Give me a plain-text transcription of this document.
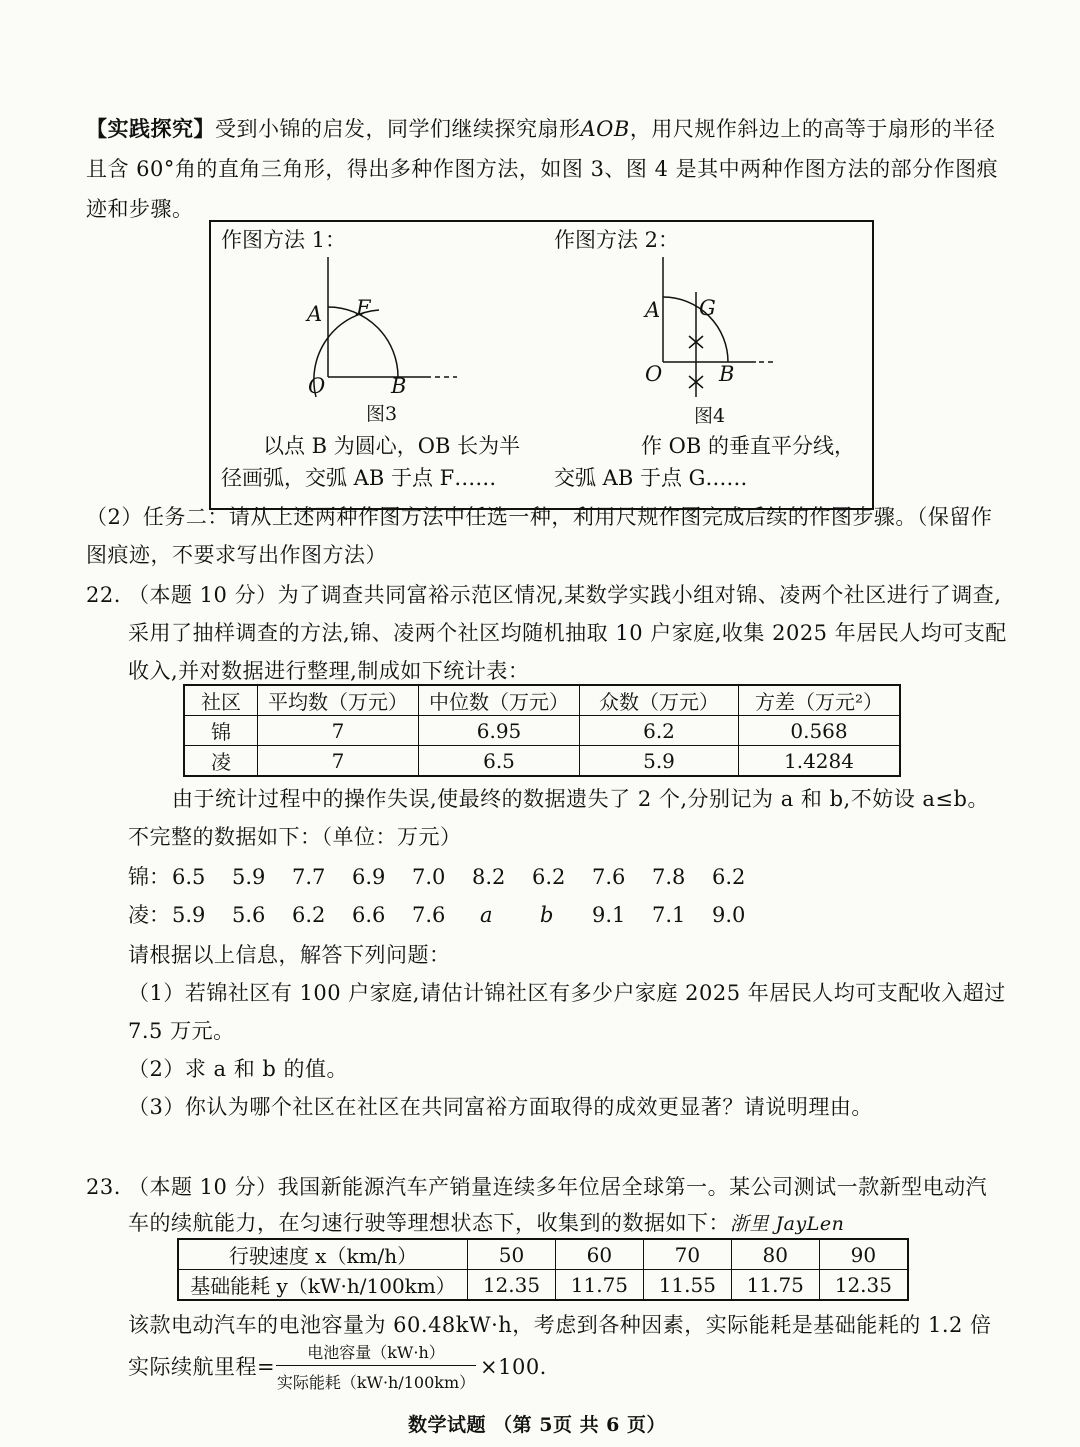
【实践探究】受到小锦的启发，同学们继续探究扇形AOB，用尺规作斜边上的高等于扇形的半径
且含 60°角的直角三角形，得出多种作图方法，如图 3、图 4 是其中两种作图方法的部分作图痕
迹和步骤。
作图方法 1：	作图方法 2：
A F
O	B
图3
A G
O	B
图4
以点 B 为圆心，OB 长为半
径画弧，交弧 AB 于点 F……
作 OB 的垂直平分线，
交弧 AB 于点 G……
（2）任务二：请从上述两种作图方法中任选一种，利用尺规作图完成后续的作图步骤。（保留作
图痕迹，不要求写出作图方法）
22. （本题 10 分）为了调查共同富裕示范区情况,某数学实践小组对锦、凌两个社区进行了调查,
采用了抽样调查的方法,锦、凌两个社区均随机抽取 10 户家庭,收集 2025 年居民人均可支配
收入,并对数据进行整理,制成如下统计表：
社区	平均数（万元）	中位数（万元）	众数（万元）	方差（万元²）
锦	7	6.95	6.2	0.568
凌	7	6.5	5.9	1.4284
由于统计过程中的操作失误,使最终的数据遗失了 2 个,分别记为 a 和 b,不妨设 a≤b。
不完整的数据如下：（单位：万元）
锦： 6.5 5.9 7.7 6.9 7.0 8.2 6.2 7.6 7.8 6.2
凌： 5.9 5.6 6.2 6.6 7.6 a b 9.1 7.1 9.0
请根据以上信息，解答下列问题：
（1）若锦社区有 100 户家庭,请估计锦社区有多少户家庭 2025 年居民人均可支配收入超过
7.5 万元。
（2）求 a 和 b 的值。
（3）你认为哪个社区在社区在共同富裕方面取得的成效更显著？请说明理由。
23. （本题 10 分）我国新能源汽车产销量连续多年位居全球第一。某公司测试一款新型电动汽
车的续航能力，在匀速行驶等理想状态下，收集到的数据如下：浙里 JayLen
行驶速度 x（km/h）	50	60	70	80	90
基础能耗 y（kW·h/100km）	12.35	11.75	11.55	11.75	12.35
该款电动汽车的电池容量为 60.48kW·h，考虑到各种因素，实际能耗是基础能耗的 1.2 倍
实际续航里程=
电池容量（kW·h）
实际能耗（kW·h/100km）
×100.
数学试题 （第 5页 共 6 页）
